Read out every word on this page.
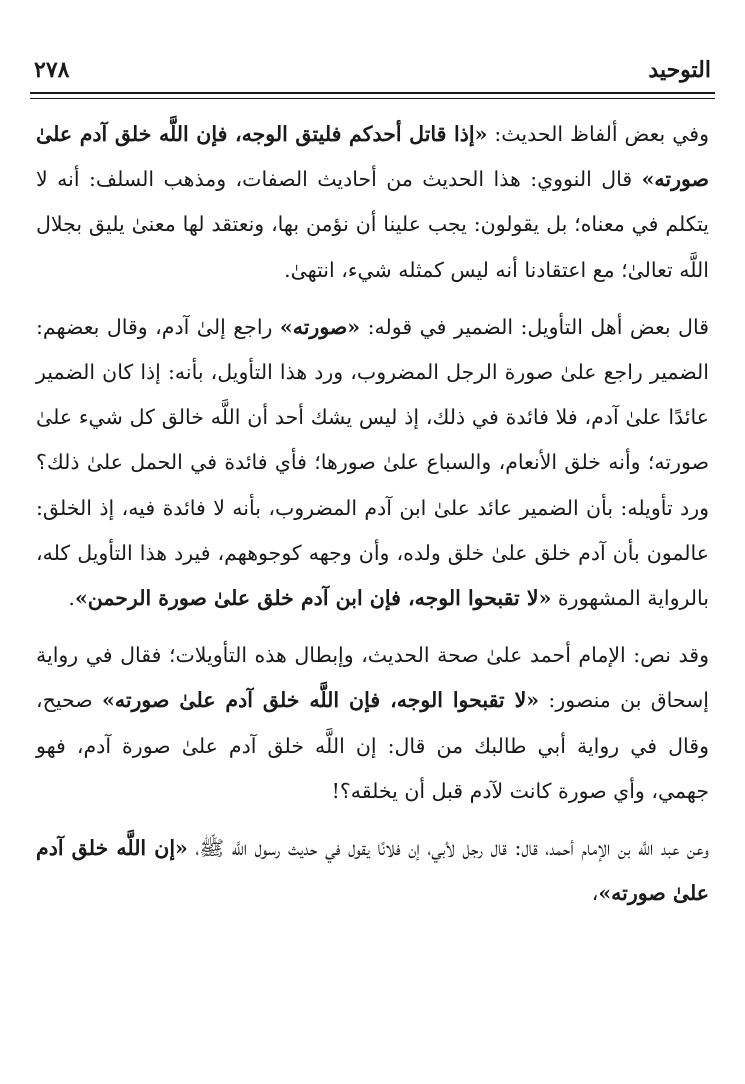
٢٧٨	التوحيد

وفي بعض ألفاظ الحديث: «إذا قاتل أحدكم فليتق الوجه، فإن اللَّه خلق آدم علىٰ صورته» قال النووي: هذا الحديث من أحاديث الصفات، ومذهب السلف: أنه لا يتكلم في معناه؛ بل يقولون: يجب علينا أن نؤمن بها، ونعتقد لها معنىٰ يليق بجلال اللَّه تعالىٰ؛ مع اعتقادنا أنه ليس كمثله شيء، انتهىٰ.

قال بعض أهل التأويل: الضمير في قوله: «صورته» راجع إلىٰ آدم، وقال بعضهم: الضمير راجع علىٰ صورة الرجل المضروب، ورد هذا التأويل، بأنه: إذا كان الضمير عائدًا علىٰ آدم، فلا فائدة في ذلك، إذ ليس يشك أحد أن اللَّه خالق كل شيء علىٰ صورته؛ وأنه خلق الأنعام، والسباع علىٰ صورها؛ فأي فائدة في الحمل علىٰ ذلك؟ ورد تأويله: بأن الضمير عائد علىٰ ابن آدم المضروب، بأنه لا فائدة فيه، إذ الخلق: عالمون بأن آدم خلق علىٰ خلق ولده، وأن وجهه كوجوههم، فيرد هذا التأويل كله، بالرواية المشهورة «لا تقبحوا الوجه، فإن ابن آدم خلق علىٰ صورة الرحمن».

وقد نص: الإمام أحمد علىٰ صحة الحديث، وإبطال هذه التأويلات؛ فقال في رواية إسحاق بن منصور: «لا تقبحوا الوجه، فإن اللَّه خلق آدم علىٰ صورته» صحيح، وقال في رواية أبي طالبك من قال: إن اللَّه خلق آدم علىٰ صورة آدم، فهو جهمي، وأي صورة كانت لآدم قبل أن يخلقه؟!

وعن عبد اللَّه بن الإمام أحمد، قال: قال رجل لأبي، إن فلانًا يقول في حديث رسول اللَّه ﷺ، «إن اللَّه خلق آدم علىٰ صورته»،
